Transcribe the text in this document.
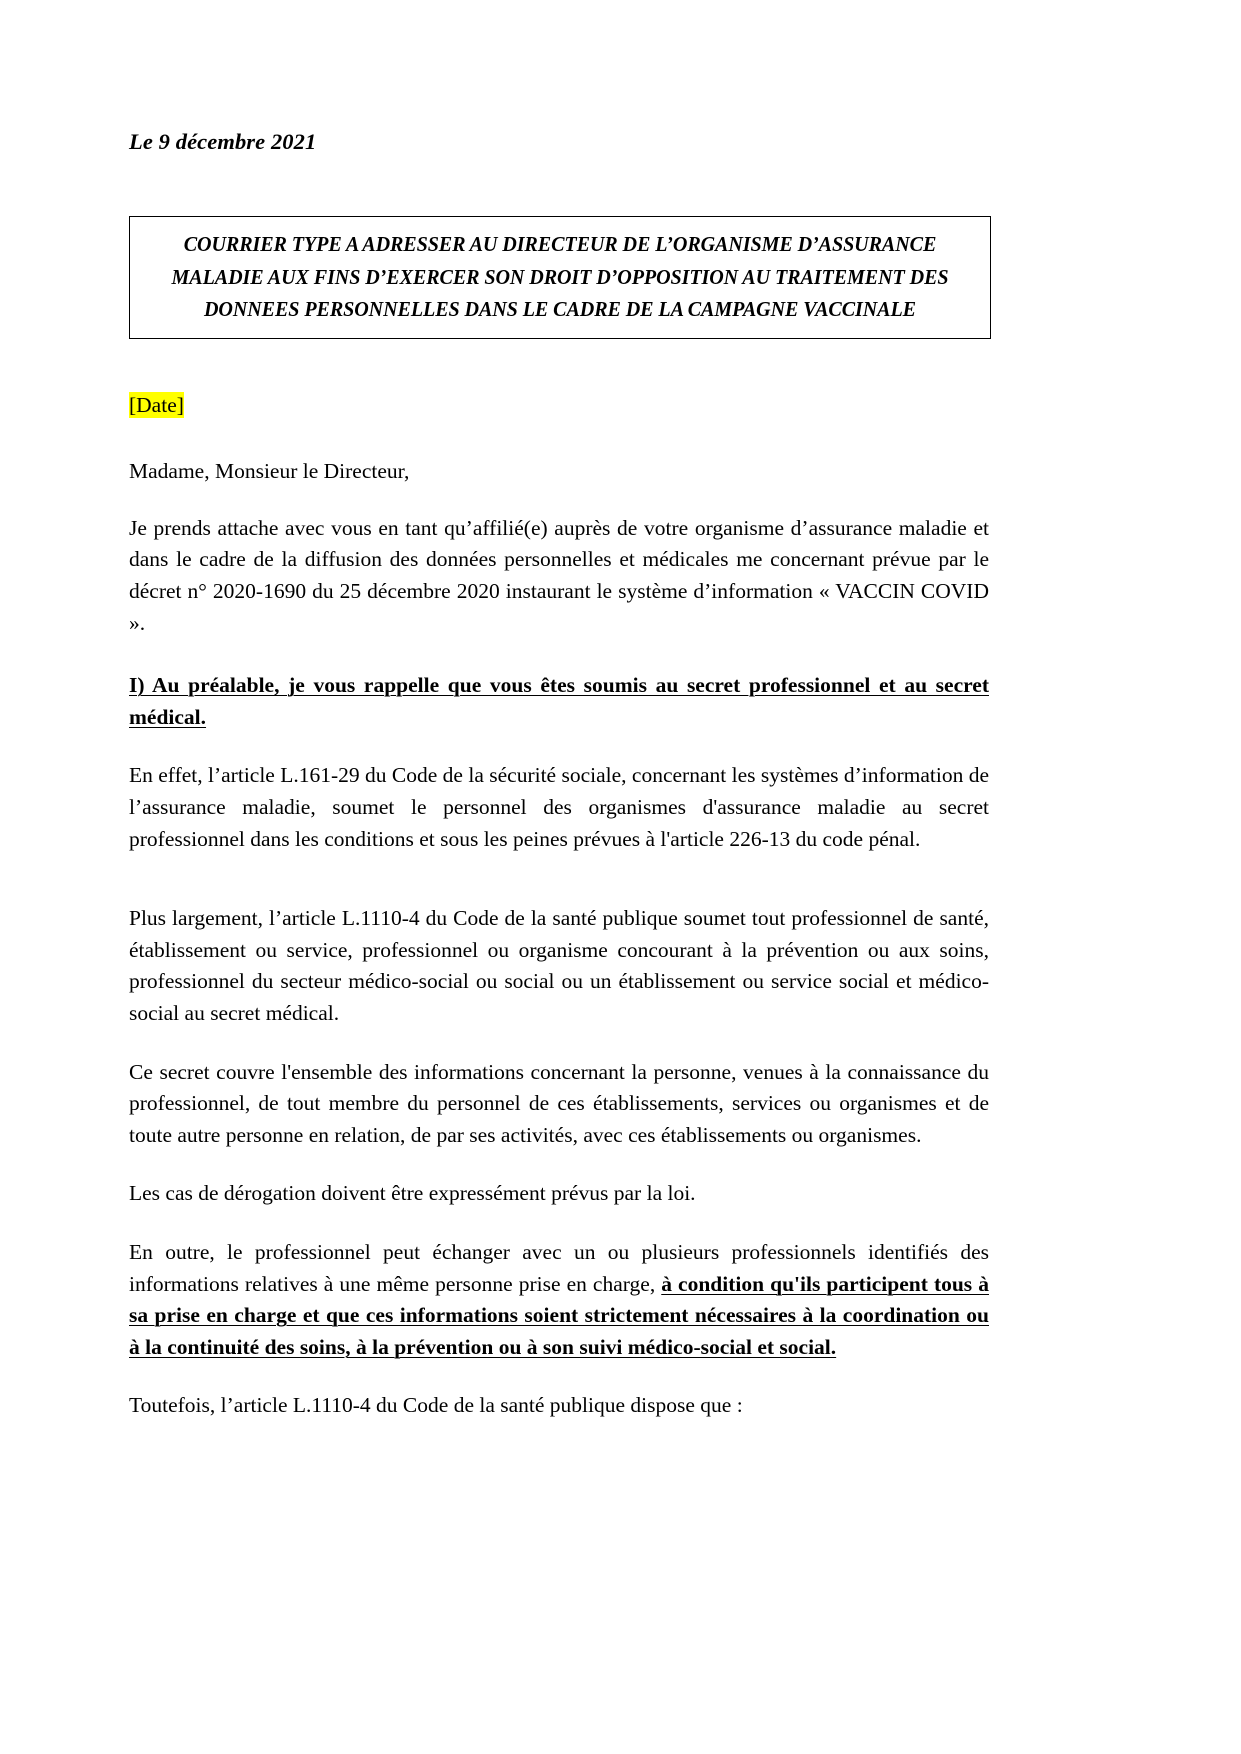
Le 9 décembre 2021
COURRIER TYPE A ADRESSER AU DIRECTEUR DE L’ORGANISME D’ASSURANCE
MALADIE AUX FINS D’EXERCER SON DROIT D’OPPOSITION AU TRAITEMENT DES
DONNEES PERSONNELLES DANS LE CADRE DE LA CAMPAGNE VACCINALE
[Date]
Madame, Monsieur le Directeur,

Je prends attache avec vous en tant qu’affilié(e) auprès de votre organisme d’assurance maladie et dans le cadre de la diffusion des données personnelles et médicales me concernant prévue par le décret n° 2020-1690 du 25 décembre 2020 instaurant le système d’information « VACCIN COVID ».

I) Au préalable, je vous rappelle que vous êtes soumis au secret professionnel et au secret médical.

En effet, l’article L.161-29 du Code de la sécurité sociale, concernant les systèmes d’information de l’assurance maladie, soumet le personnel des organismes d'assurance maladie au secret professionnel dans les conditions et sous les peines prévues à l'article 226-13 du code pénal.

Plus largement, l’article L.1110-4 du Code de la santé publique soumet tout professionnel de santé, établissement ou service, professionnel ou organisme concourant à la prévention ou aux soins, professionnel du secteur médico-social ou social ou un établissement ou service social et médico-social au secret médical.

Ce secret couvre l'ensemble des informations concernant la personne, venues à la connaissance du professionnel, de tout membre du personnel de ces établissements, services ou organismes et de toute autre personne en relation, de par ses activités, avec ces établissements ou organismes.

Les cas de dérogation doivent être expressément prévus par la loi.

En outre, le professionnel peut échanger avec un ou plusieurs professionnels identifiés des informations relatives à une même personne prise en charge, à condition qu'ils participent tous à sa prise en charge et que ces informations soient strictement nécessaires à la coordination ou à la continuité des soins, à la prévention ou à son suivi médico-social et social.

Toutefois, l’article L.1110-4 du Code de la santé publique dispose que :
